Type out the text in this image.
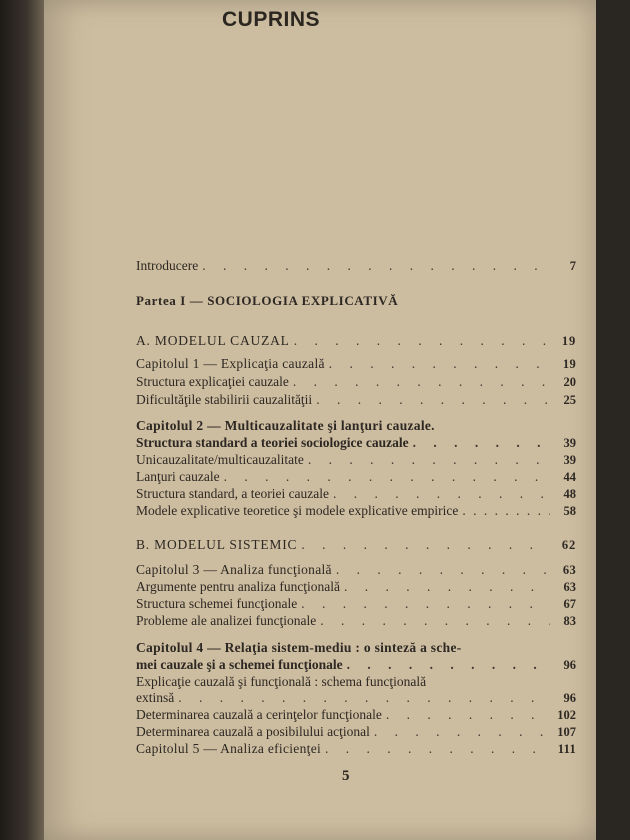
CUPRINS
Introducere . . .	7
Partea I — SOCIOLOGIA EXPLICATIVĂ
A. MODELUL CAUZAL . . .	19
Capitolul 1 — Explicaţia cauzală . . .	19
Structura explicaţiei cauzale . . .	20
Dificultăţile stabilirii cauzalităţii . . .	25
Capitolul 2 — Multicauzalitate şi lanţuri cauzale.
Structura standard a teoriei sociologice cauzale . . .	39
Unicauzalitate/multicauzalitate . . .	39
Lanţuri cauzale . . .	44
Structura standard, a teoriei cauzale . . .	48
Modele explicative teoretice şi modele explicative empirice . . .	58
B. MODELUL SISTEMIC . . .	62
Capitolul 3 — Analiza funcţională . . .	63
Argumente pentru analiza funcţională . . .	63
Structura schemei funcţionale . . .	67
Probleme ale analizei funcţionale . . .	83
Capitolul 4 — Relaţia sistem-mediu : o sinteză a sche-
mei cauzale şi a schemei funcţionale . . .	96
Explicaţie cauzală şi funcţională : schema funcţională
extinsă . . .	96
Determinarea cauzală a cerinţelor funcţionale . . .	102
Determinarea cauzală a posibilului acţional . . .	107
Capitolul 5 — Analiza eficienţei . . .	111
5
